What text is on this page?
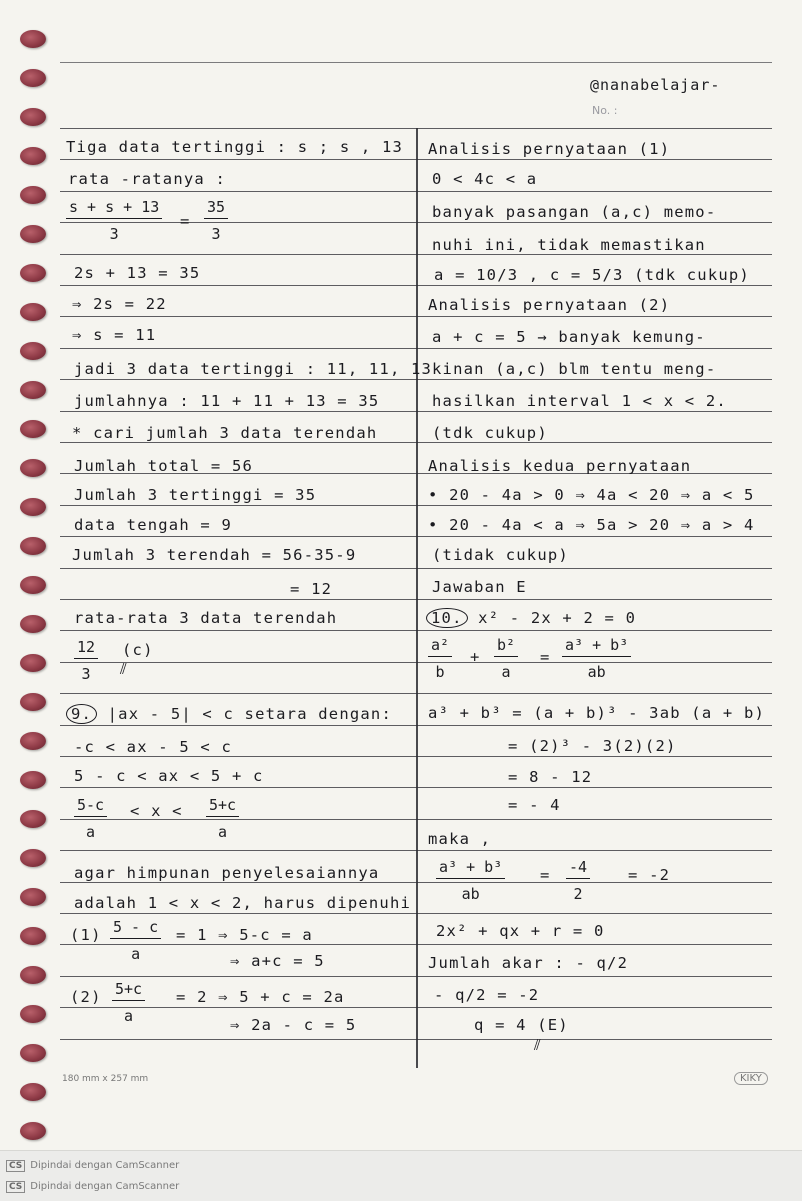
@nanabelajar-
No. :
Tiga data tertinggi : s ; s , 13
rata -ratanya :
$\frac{s + s + 13}{3} = \frac{35}{3}$
2s + 13 = 35
⇒ 2s = 22
⇒ s = 11
jadi 3 data tertinggi : 11, 11, 13
jumlahnya : 11 + 11 + 13 = 35
* cari jumlah 3 data terendah
Jumlah total = 56
Jumlah 3 tertinggi = 35
data tengah = 9
Jumlah 3 terendah = 56-35-9
= 12
rata-rata 3 data terendah
$\frac{12}{3} (c)$
⫽
9. |ax - 5| < c setara dengan:
-c < ax - 5 < c
5 - c < ax < 5 + c
$\frac{5-c}{a} < x < \frac{5+c}{a}$
agar himpunan penyelesaiannya
adalah 1 < x < 2, harus dipenuhi
$(1) \frac{5 - c}{a} = 1$ ⇒ 5-c = a
⇒ a+c = 5
$(2) \frac{5+c}{a} = 2$ ⇒ 5 + c = 2a
⇒ 2a - c = 5
Analisis pernyataan (1)
0 < 4c < a
banyak pasangan (a,c) memo-
nuhi ini, tidak memastikan
a = 10/3 , c = 5/3 (tdk cukup)
Analisis pernyataan (2)
a + c = 5 → banyak kemung-
kinan (a,c) blm tentu meng-
hasilkan interval 1 < x < 2.
(tdk cukup)
Analisis kedua pernyataan
• 20 - 4a > 0 ⇒ 4a < 20 ⇒ a < 5
• 20 - 4a < a ⇒ 5a > 20 ⇒ a > 4
(tidak cukup)
Jawaban E
10. x² - 2x + 2 = 0
$\frac{\text{a²}}{b} + \frac{\text{b²}}{a} = \frac{\text{a³ + b³}}{ab}$
a³ + b³ = (a + b)³ - 3ab (a + b)
= (2)³ - 3(2)(2)
= 8 - 12
= - 4
maka ,
$\frac{\text{a³ + b³}}{ab} = \frac{-4}{2} = -2$
2x² + qx + r = 0
Jumlah akar : - q/2
- q/2 = -2
q = 4 (E)
⫽
180 mm x 257 mm	KIKY
CS Dipindai dengan CamScanner
CS Dipindai dengan CamScanner
